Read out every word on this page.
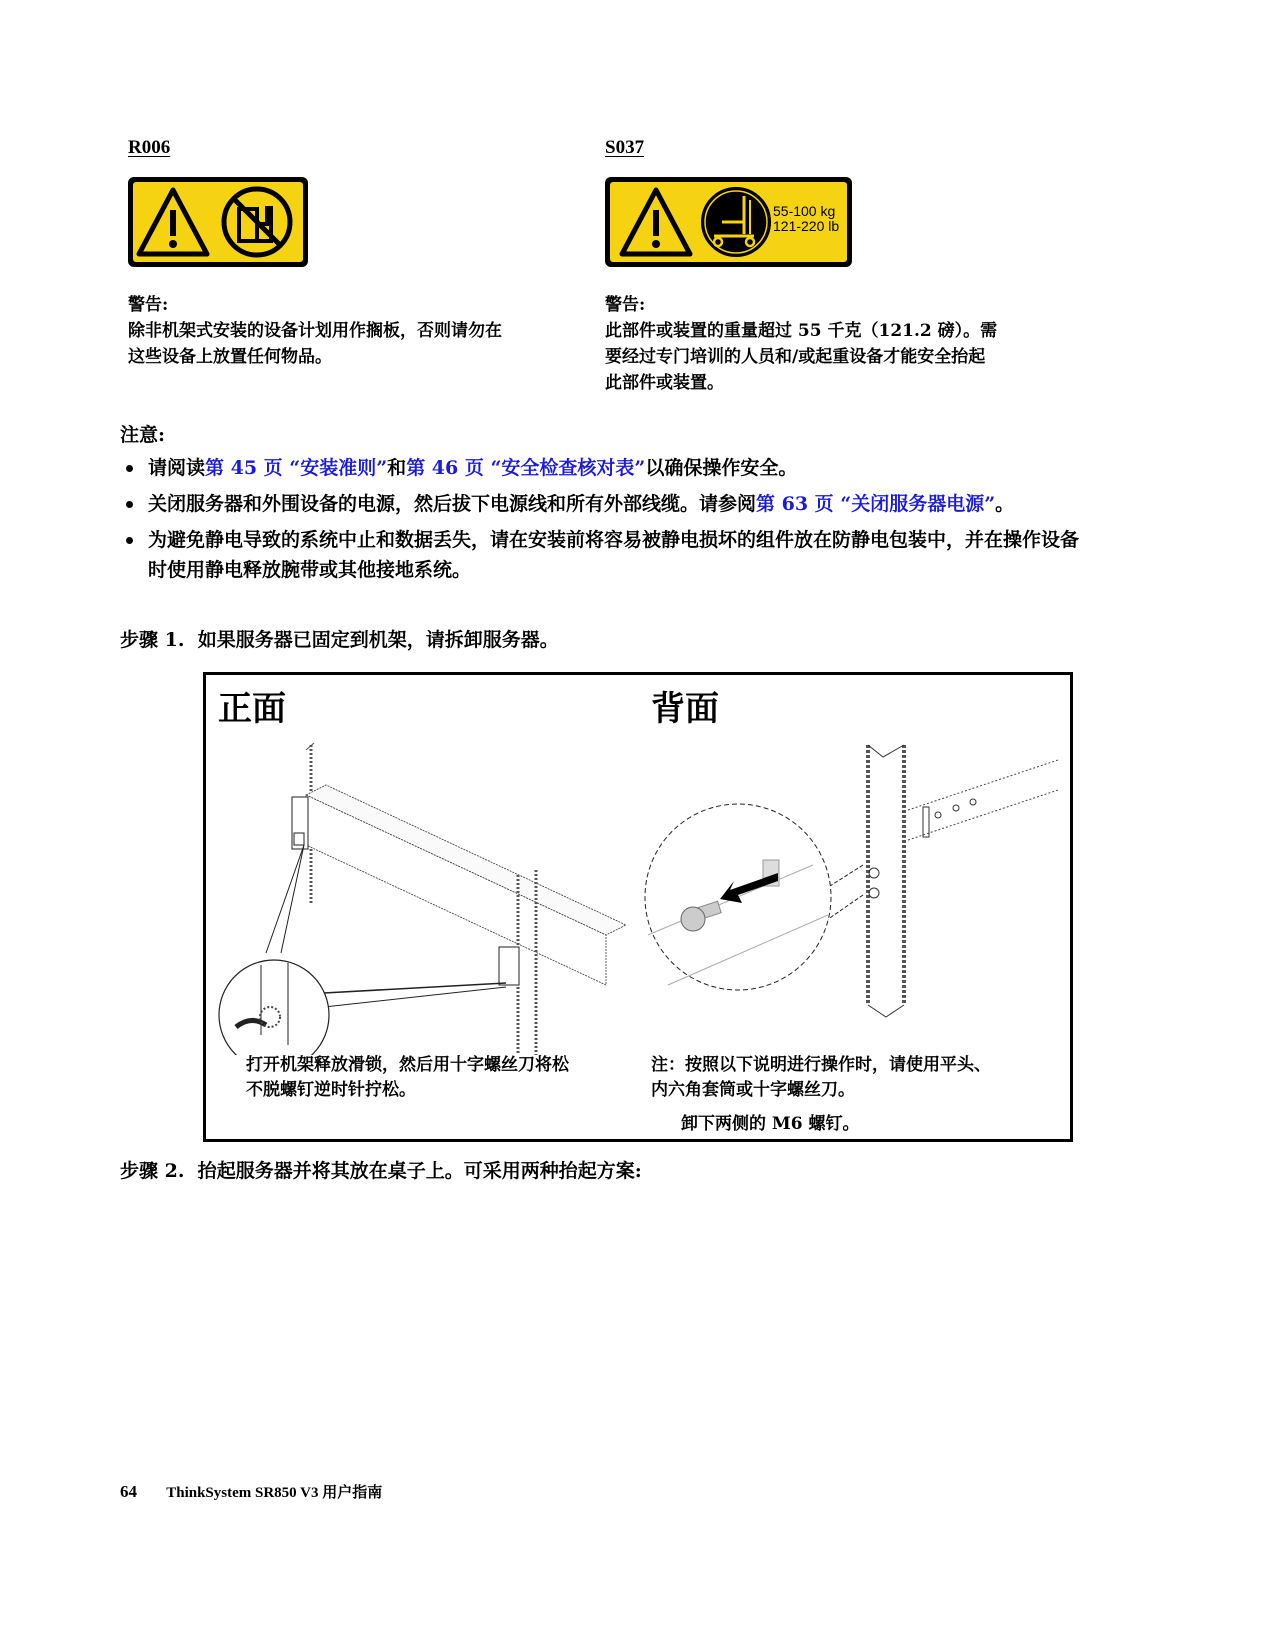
R006
警告:
除非机架式安装的设备计划用作搁板，否则请勿在
这些设备上放置任何物品。
S037
55-100 kg
121-220 lb
警告:
此部件或装置的重量超过 55 千克（121.2 磅）。需
要经过专门培训的人员和/或起重设备才能安全抬起
此部件或装置。
注意:
请阅读第 45 页 “安装准则”和第 46 页 “安全检查核对表”以确保操作安全。
关闭服务器和外围设备的电源，然后拔下电源线和所有外部线缆。请参阅第 63 页 “关闭服务器电源”。
为避免静电导致的系统中止和数据丢失，请在安装前将容易被静电损坏的组件放在防静电包装中，并在操作设备时使用静电释放腕带或其他接地系统。
步骤 1. 如果服务器已固定到机架，请拆卸服务器。
正面	背面
打开机架释放滑锁，然后用十字螺丝刀将松
不脱螺钉逆时针拧松。
注：按照以下说明进行操作时，请使用平头、
内六角套筒或十字螺丝刀。
卸下两侧的 M6 螺钉。
步骤 2. 抬起服务器并将其放在桌子上。可采用两种抬起方案:
64 ThinkSystem SR850 V3 用户指南
